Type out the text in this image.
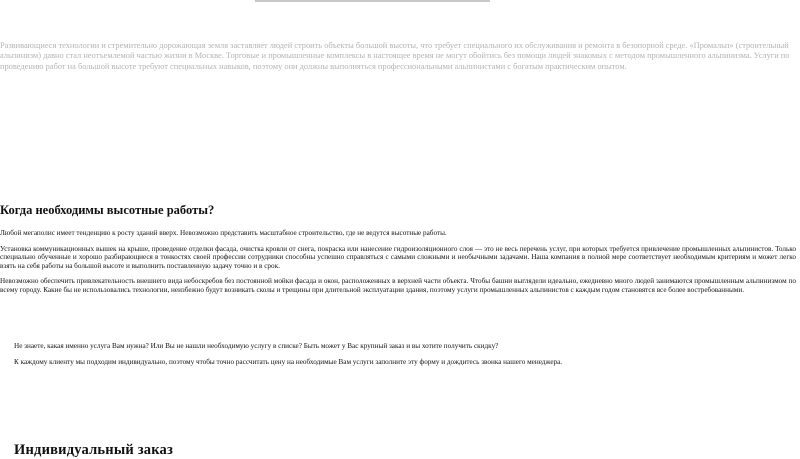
Развивающиеся технологии и стремительно дорожающая земля заставляет людей строить объекты большой высоты, что требует специального их обслуживания и ремонта в безопорной среде. «Промальп» (строительный альпинизм) давно стал неотъемлемой частью жизни в Москве. Торговые и промышленные комплексы в настоящее время не могут обойтись без помощи людей знакомых с методом промышленного альпинизма. Услуги по проведению работ на большой высоте требуют специальных навыков, поэтому они должны выполняться профессиональными альпинистами с богатым практическим опытом.

Когда необходимы высотные работы?

Любой мегаполис имеет тенденцию к росту зданий вверх. Невозможно представить масштабное строительство, где не ведутся высотные работы.

Установка коммуникационных вышек на крыше, проведение отделки фасада, очистка кровли от снега, покраска или нанесение гидроизоляционного слоя — это не весь перечень услуг, при которых требуется привлечение промышленных альпинистов. Только специально обученные и хорошо разбирающиеся в тонкостях своей профессии сотрудники способны успешно справляться с самыми сложными и необычными задачами. Наша компания в полной мере соответствует необходимым критериям и может легко взять на себя работы на большой высоте и выполнить поставленную задачу точно и в срок.

Невозможно обеспечить привлекательность внешнего вида небоскребов без постоянной мойки фасада и окон, расположенных в верхней части объекта. Чтобы башни выглядели идеально, ежедневно много людей занимаются промышленным альпинизмом по всему городу. Какие бы не использовались технологии, неизбежно будут возникать сколы и трещины при длительной эксплуатации здания, поэтому услуги промышленных альпинистов с каждым годом становятся все более востребованными.

Не знаете, какая именно услуга Вам нужна? Или Вы не нашли необходимую услугу в списке? Быть может у Вас крупный заказ и вы хотите получить скидку?

К каждому клиенту мы подходим индивидуально, поэтому чтобы точно рассчитать цену на необходимые Вам услуги заполните эту форму и дождитесь звонка нашего менеджера.

Индивидуальный заказ
